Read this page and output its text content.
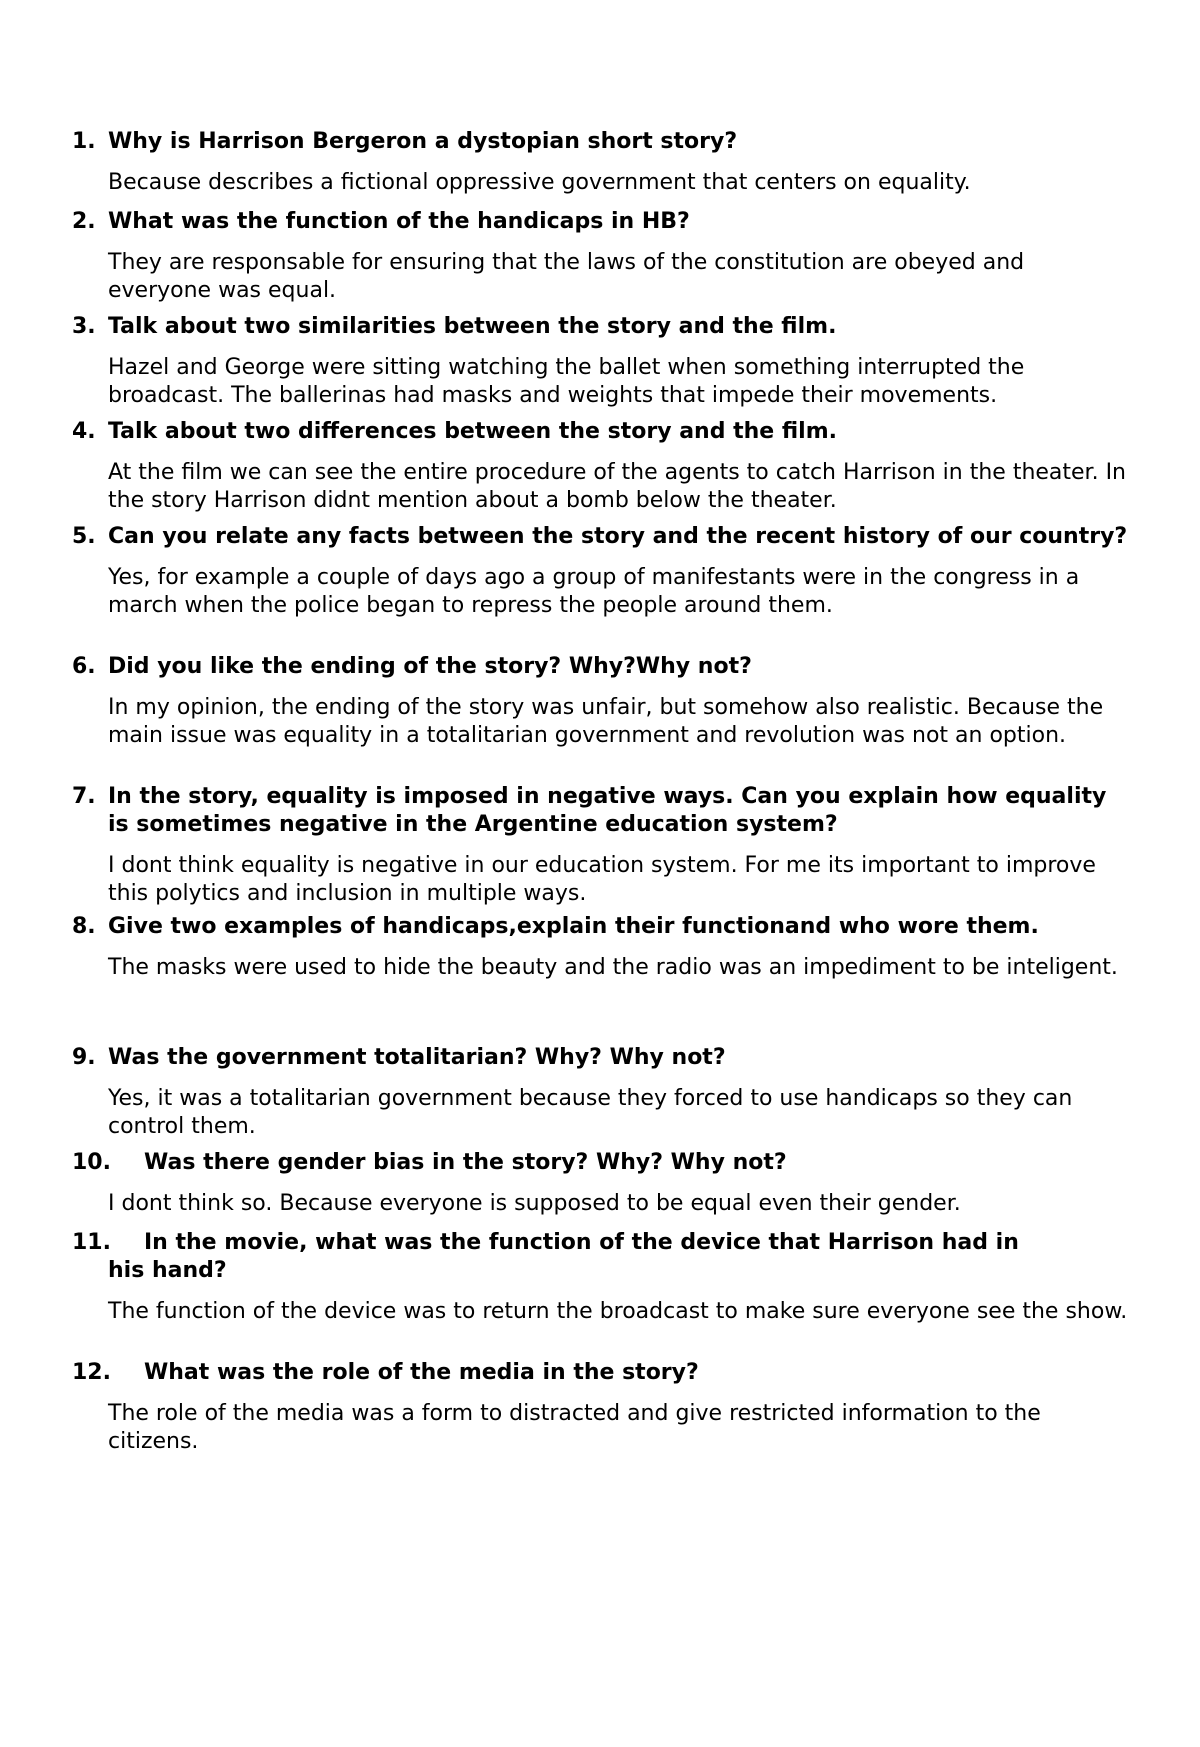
1. Why is Harrison Bergeron a dystopian short story?
Because describes a fictional oppressive government that centers on equality.
2. What was the function of the handicaps in HB?
They are responsable for ensuring that the laws of the constitution are obeyed and everyone was equal.
3. Talk about two similarities between the story and the film.
Hazel and George were sitting watching the ballet when something interrupted the broadcast. The ballerinas had masks and weights that impede their movements.
4. Talk about two differences between the story and the film.
At the film we can see the entire procedure of the agents to catch Harrison in the theater. In the story Harrison didnt mention about a bomb below the theater.
5. Can you relate any facts between the story and the recent history of our country?
Yes, for example a couple of days ago a group of manifestants were in the congress in a march when the police began to repress the people around them.
6. Did you like the ending of the story? Why?Why not?
In my opinion, the ending of the story was unfair, but somehow also realistic. Because the main issue was equality in a totalitarian government and revolution was not an option.
7. In the story, equality is imposed in negative ways. Can you explain how equality is sometimes negative in the Argentine education system?
I dont think equality is negative in our education system. For me its important to improve this polytics and inclusion in multiple ways.
8. Give two examples of handicaps,explain their functionand who wore them.
The masks were used to hide the beauty and the radio was an impediment to be inteligent.
9. Was the government totalitarian? Why? Why not?
Yes, it was a totalitarian government because they forced to use handicaps so they can control them.
10.	Was there gender bias in the story? Why? Why not?
I dont think so. Because everyone is supposed to be equal even their gender.
11. In the movie, what was the function of the device that Harrison had in
his hand?
The function of the device was to return the broadcast to make sure everyone see the show.
12.	What was the role of the media in the story?
The role of the media was a form to distracted and give restricted information to the citizens.
